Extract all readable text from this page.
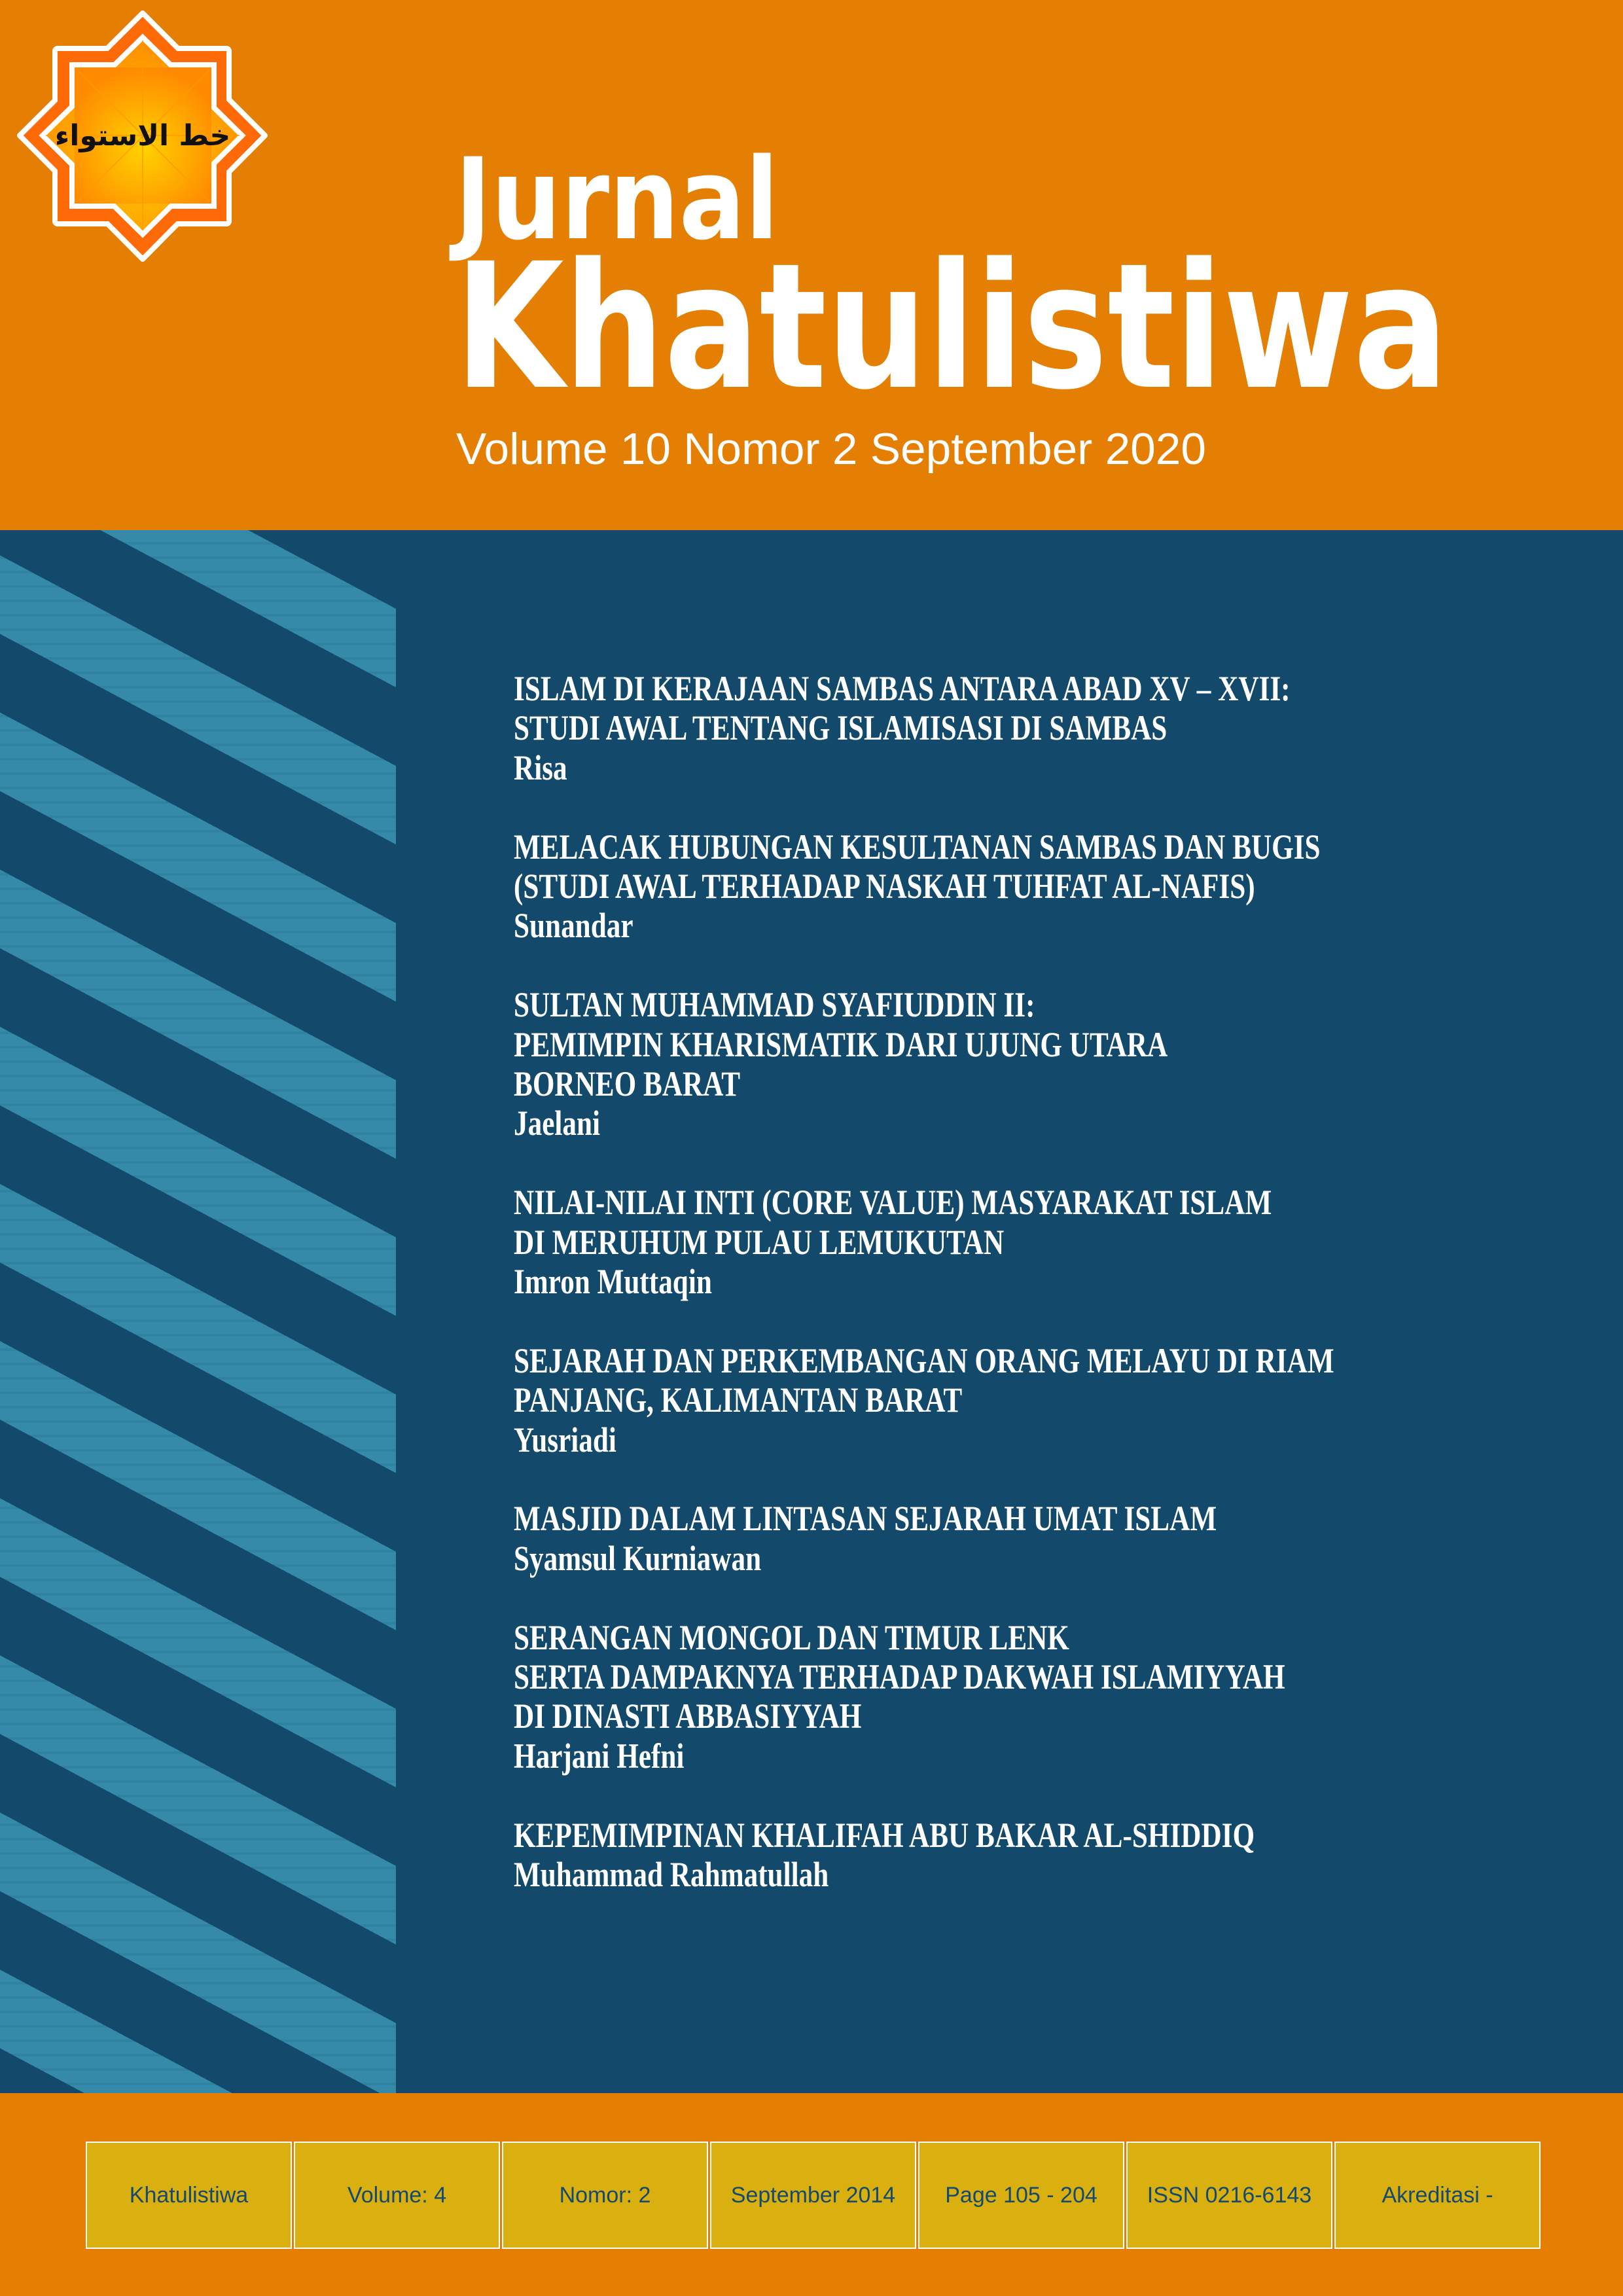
Jurnal
Khatulistiwa
Volume 10 Nomor 2 September 2020
خط الاستواء
ISLAM DI KERAJAAN SAMBAS ANTARA ABAD XV – XVII:
STUDI AWAL TENTANG ISLAMISASI DI SAMBAS
Risa
MELACAK HUBUNGAN KESULTANAN SAMBAS DAN BUGIS
(STUDI AWAL TERHADAP NASKAH TUHFAT AL-NAFIS)
Sunandar
SULTAN MUHAMMAD SYAFIUDDIN II:
PEMIMPIN KHARISMATIK DARI UJUNG UTARA
BORNEO BARAT
Jaelani
NILAI-NILAI INTI (CORE VALUE) MASYARAKAT ISLAM
DI MERUHUM PULAU LEMUKUTAN
Imron Muttaqin
SEJARAH DAN PERKEMBANGAN ORANG MELAYU DI RIAM
PANJANG, KALIMANTAN BARAT
Yusriadi
MASJID DALAM LINTASAN SEJARAH UMAT ISLAM
Syamsul Kurniawan
SERANGAN MONGOL DAN TIMUR LENK
SERTA DAMPAKNYA TERHADAP DAKWAH ISLAMIYYAH
DI DINASTI ABBASIYYAH
Harjani Hefni
KEPEMIMPINAN KHALIFAH ABU BAKAR AL-SHIDDIQ
Muhammad Rahmatullah
Khatulistiwa	Volume: 4	Nomor: 2	September 2014	Page 105 - 204	ISSN 0216-6143	Akreditasi -
